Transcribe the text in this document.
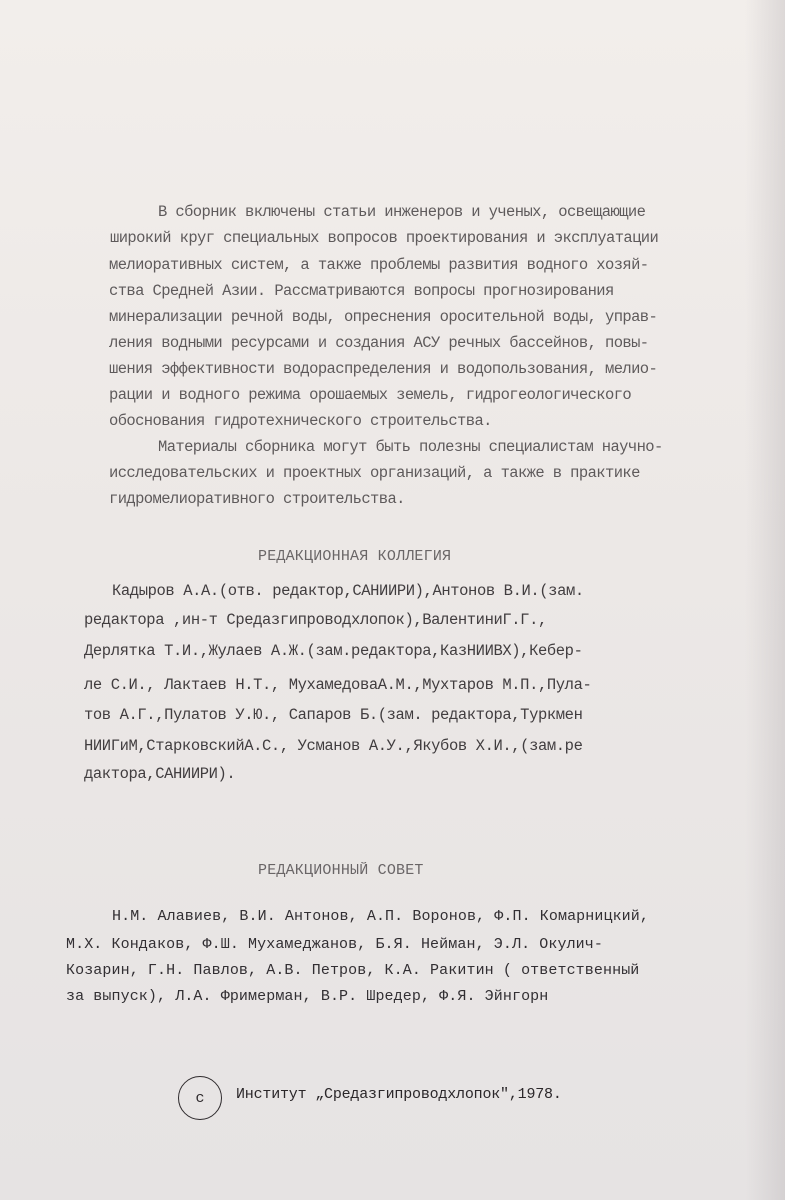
В сборник включены статьи инженеров и ученых, освещающие
широкий круг специальных вопросов проектирования и эксплуатации
мелиоративных систем, а также проблемы развития водного хозяй-
ства Средней Азии. Рассматриваются вопросы прогнозирования
минерализации речной воды, опреснения оросительной воды, управ-
ления водными ресурсами и создания АСУ речных бассейнов, повы-
шения эффективности водораспределения и водопользования, мелио-
рации и водного режима орошаемых земель, гидрогеологического
обоснования гидротехнического строительства.
Материалы сборника могут быть полезны специалистам научно-
исследовательских и проектных организаций, а также в практике
гидромелиоративного строительства.
РЕДАКЦИОННАЯ КОЛЛЕГИЯ
Кадыров А.А.(отв. редактор,САНИИРИ),Антонов В.И.(зам.
редактора ,ин-т Средазгипроводхлопок),ВалентиниГ.Г.,
Дерлятка Т.И.,Жулаев А.Ж.(зам.редактора,КазНИИВХ),Кебер-
ле С.И., Лактаев Н.Т., МухамедоваА.М.,Мухтаров М.П.,Пула-
тов А.Г.,Пулатов У.Ю., Сапаров Б.(зам. редактора,Туркмен
НИИГиМ,СтарковскийА.С., Усманов А.У.,Якубов Х.И.,(зам.ре
дактора,САНИИРИ).
РЕДАКЦИОННЫЙ СОВЕТ
Н.М. Алавиев, В.И. Антонов, А.П. Воронов, Ф.П. Комарницкий,
М.Х. Кондаков, Ф.Ш. Мухамеджанов, Б.Я. Нейман, Э.Л. Окулич-
Козарин, Г.Н. Павлов, А.В. Петров, К.А. Ракитин ( ответственный
за выпуск), Л.А. Фримерман, В.Р. Шредер, Ф.Я. Эйнгорн
c Институт „Средазгипроводхлопок",1978.
